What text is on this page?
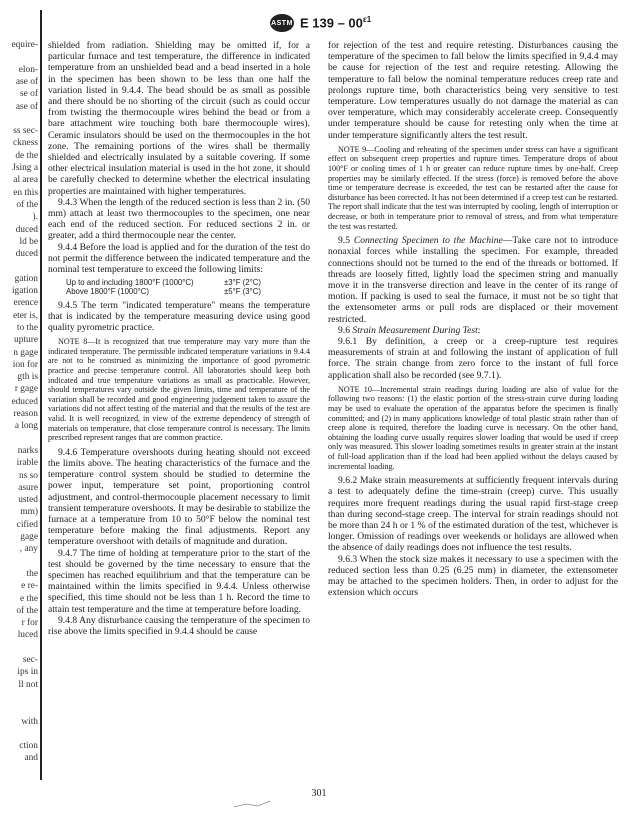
ASTM E $139 - 00^{\varepsilon 1}$
equire-
elon-
ase of
se of
ase of
ss sec-
ckness
de the
Jsing a
al area
en this
of the
).
duced
ld be
duced
gation
igation
erence
eter is,
to the
upture
n gage
ion for
gth is
r gage
educed
reason
a long
narks
irable
ns so
asure
usted
mm)
cified
gage
, any
the
e re-
e the
of the
r for
luced
sec-
ips in
ll not
with
ction
and

shielded from radiation. Shielding may be omitted if, for a particular furnace and test temperature, the difference in indicated temperature from an unshielded bead and a bead inserted in a hole in the specimen has been shown to be less than one half the variation listed in 9.4.4. The bead should be as small as possible and there should be no shorting of the circuit (such as could occur from twisting the thermocouple wires behind the bead or from a bare attachment wire touching both bare thermocouple wires). Ceramic insulators should be used on the thermocouples in the hot zone. The remaining portions of the wires shall be thermally shielded and electrically insulated by a suitable covering. If some other electrical insulation material is used in the hot zone, it should be carefully checked to determine whether the electrical insulating properties are maintained with higher temperatures.

9.4.3 When the length of the reduced section is less than 2 in. (50 mm) attach at least two thermocouples to the specimen, one near each end of the reduced section. For reduced sections 2 in. or greater, add a third thermocouple near the center.

9.4.4 Before the load is applied and for the duration of the test do not permit the difference between the indicated temperature and the nominal test temperature to exceed the following limits:

Up to and including 1800°F (1000°C)	±3°F (2°C)
Above 1800°F (1000°C)	±5°F (3°C)

9.4.5 The term "indicated temperature" means the temperature that is indicated by the temperature measuring device using good quality pyrometric practice.

NOTE 8—It is recognized that true temperature may vary more than the indicated temperature. The permissible indicated temperature variations in 9.4.4 are not to be construed as minimizing the importance of good pyrometric practice and precise temperature control. All laboratories should keep both indicated and true temperature variations as small as practicable. However, should temperatures vary outside the given limits, time and temperature of the variation shall be recorded and good engineering judgement taken to assure the variations did not affect testing of the material and that the results of the test are valid. It is well recognized, in view of the extreme dependency of strength of materials on temperature, that close temperature control is necessary. The limits prescribed represent ranges that are common practice.

9.4.6 Temperature overshoots during heating should not exceed the limits above. The heating characteristics of the furnace and the temperature control system should be studied to determine the power input, temperature set point, proportioning control adjustment, and control-thermocouple placement necessary to limit transient temperature overshoots. It may be desirable to stabilize the furnace at a temperature from 10 to 50°F below the nominal test temperature before making the final adjustments. Report any temperature overshoot with details of magnitude and duration.

9.4.7 The time of holding at temperature prior to the start of the test should be governed by the time necessary to ensure that the specimen has reached equilibrium and that the temperature can be maintained within the limits specified in 9.4.4. Unless otherwise specified, this time should not be less than 1 h. Record the time to attain test temperature and the time at temperature before loading.

9.4.8 Any disturbance causing the temperature of the specimen to rise above the limits specified in 9.4.4 should be cause

for rejection of the test and require retesting. Disturbances causing the temperature of the specimen to fall below the limits specified in 9.4.4 may be cause for rejection of the test and require retesting. Allowing the temperature to fall below the nominal temperature reduces creep rate and prolongs rupture time, both characteristics being very sensitive to test temperature. Low temperatures usually do not damage the material as can over temperature, which may considerably accelerate creep. Consequently under temperature should be cause for retesting only when the time at under temperature significantly alters the test result.

NOTE 9—Cooling and reheating of the specimen under stress can have a significant effect on subsequent creep properties and rupture times. Temperature drops of about 100°F or cooling times of 1 h or greater can reduce rupture times by one-half. Creep properties may be similarly effected. If the stress (force) is removed before the above time or temperature decrease is exceeded, the test can be restarted after the cause for disturbance has been corrected. It has not been determined if a creep test can be restarted. The report shall indicate that the test was interrupted by cooling, length of interruption or decrease, or both in temperature prior to removal of stress, and from what temperature the test was restarted.

9.5 Connecting Specimen to the Machine—Take care not to introduce nonaxial forces while installing the specimen. For example, threaded connections should not be turned to the end of the threads or bottomed. If threads are loosely fitted, lightly load the specimen string and manually move it in the transverse direction and leave in the center of its range of motion. If packing is used to seal the furnace, it must not be so tight that the extensometer arms or pull rods are displaced or their movement restricted.

9.6 Strain Measurement During Test:

9.6.1 By definition, a creep or a creep-rupture test requires measurements of strain at and following the instant of application of full force. The strain change from zero force to the instant of full force application shall also be recorded (see 9.7.1).

NOTE 10—Incremental strain readings during loading are also of value for the following two reasons: (1) the elastic portion of the stress-strain curve during loading may be used to evaluate the operation of the apparatus before the specimen is finally committed; and (2) in many applications knowledge of total plastic strain rather than of creep alone is required, therefore the loading curve is necessary. On the other hand, obtaining the loading curve usually requires slower loading that would be used if creep only was measured. This slower loading sometimes results in greater strain at the instant of full-load application than if the load had been applied without the delays caused by incremental loading.

9.6.2 Make strain measurements at sufficiently frequent intervals during a test to adequately define the time-strain (creep) curve. This usually requires more frequent readings during the usual rapid first-stage creep than during second-stage creep. The interval for strain readings should not be more than 24 h or 1 % of the estimated duration of the test, whichever is longer. Omission of readings over weekends or holidays are allowed when the absence of daily readings does not influence the test results.

9.6.3 When the stock size makes it necessary to use a specimen with the reduced section less than 0.25 (6.25 mm) in diameter, the extensometer may be attached to the specimen holders. Then, in order to adjust for the extension which occurs

301
